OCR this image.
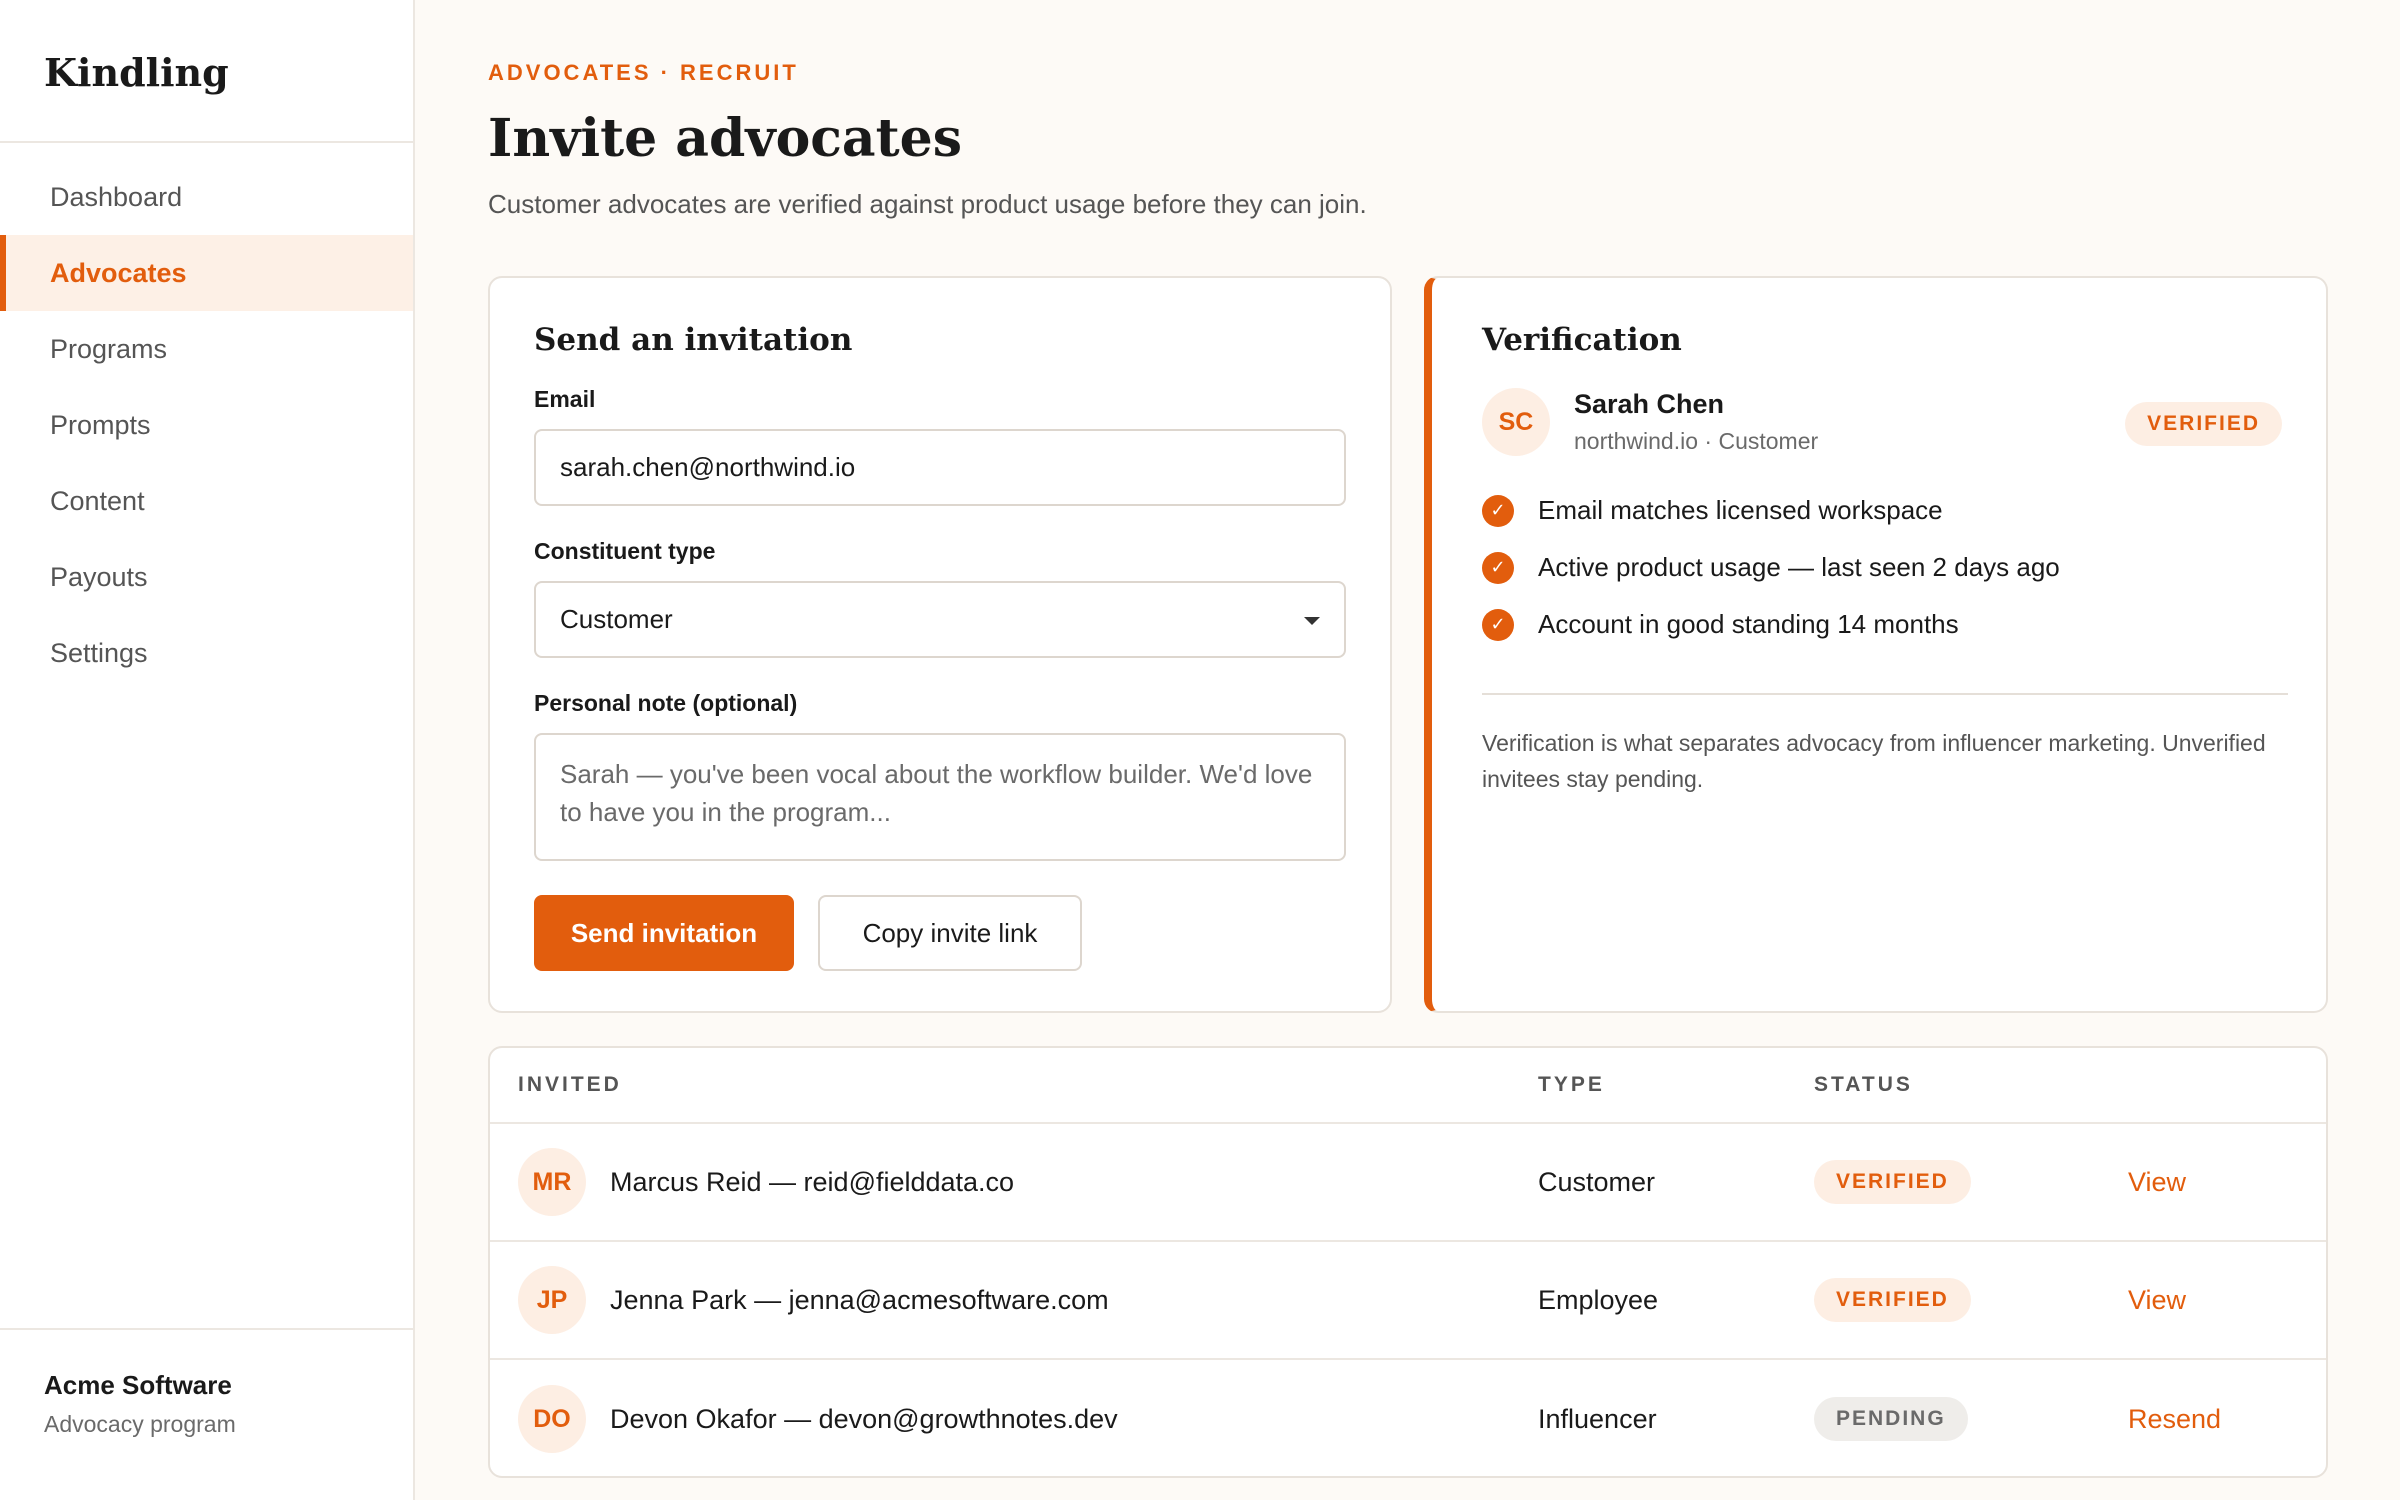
Kindling
Dashboard
Advocates
Programs
Prompts
Content
Payouts
Settings
Acme Software
Advocacy program
ADVOCATES · RECRUIT
Invite advocates

Customer advocates are verified against product usage before they can join.

Send an invitation
Email
sarah.chen@northwind.io
Constituent type
Customer
Personal note (optional)
Sarah — you've been vocal about the workflow builder. We'd love to have you in the program...
Send invitation	Copy invite link
Verification
SC
Sarah Chen
northwind.io · Customer
VERIFIED
✓	Email matches licensed workspace
✓	Active product usage — last seen 2 days ago
✓	Account in good standing 14 months

Verification is what separates advocacy from influencer marketing. Unverified invitees stay pending.

INVITED	TYPE	STATUS
MR	Marcus Reid — reid@fielddata.co	Customer	VERIFIED	View
JP	Jenna Park — jenna@acmesoftware.com	Employee	VERIFIED	View
DO	Devon Okafor — devon@growthnotes.dev	Influencer	PENDING	Resend
